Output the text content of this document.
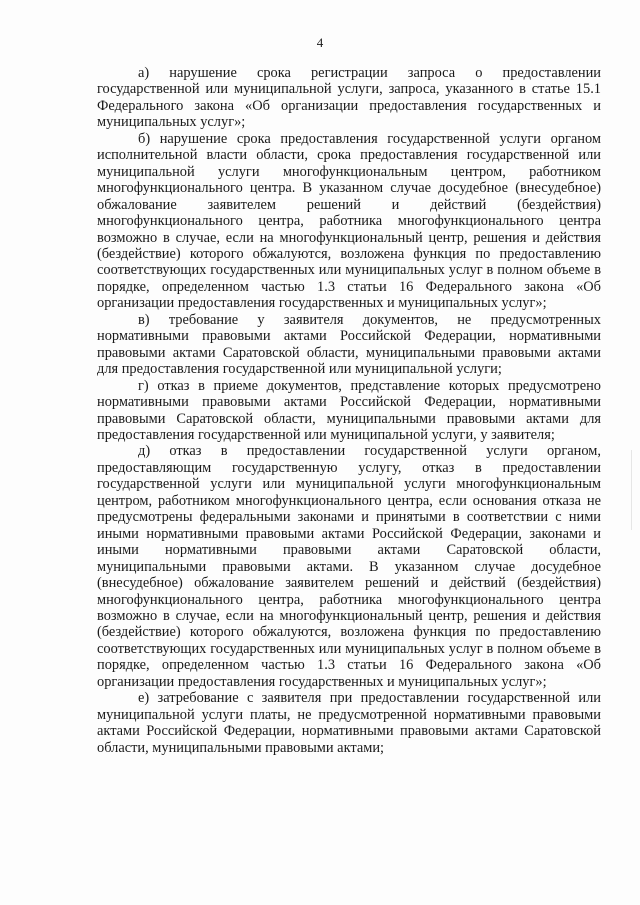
4

а) нарушение срока регистрации запроса о предоставлении государственной или муниципальной услуги, запроса, указанного в статье 15.1 Федерального закона «Об организации предоставления государственных и муниципальных услуг»;

б) нарушение срока предоставления государственной услуги органом исполнительной власти области, срока предоставления государственной или муниципальной услуги многофункциональным центром, работником многофункционального центра. В указанном случае досудебное (внесудебное) обжалование заявителем решений и действий (бездействия) многофункционального центра, работника многофункционального центра возможно в случае, если на многофункциональный центр, решения и действия (бездействие) которого обжалуются, возложена функция по предоставлению соответствующих государственных или муниципальных услуг в полном объеме в порядке, определенном частью 1.3 статьи 16 Федерального закона «Об организации предоставления государственных и муниципальных услуг»;

в) требование у заявителя документов, не предусмотренных нормативными правовыми актами Российской Федерации, нормативными правовыми актами Саратовской области, муниципальными правовыми актами для предоставления государственной или муниципальной услуги;

г) отказ в приеме документов, представление которых предусмотрено нормативными правовыми актами Российской Федерации, нормативными правовыми Саратовской области, муниципальными правовыми актами для предоставления государственной или муниципальной услуги, у заявителя;

д) отказ в предоставлении государственной услуги органом, предоставляющим государственную услугу, отказ в предоставлении государственной услуги или муниципальной услуги многофункциональным центром, работником многофункционального центра, если основания отказа не предусмотрены федеральными законами и принятыми в соответствии с ними иными нормативными правовыми актами Российской Федерации, законами и иными нормативными правовыми актами Саратовской области, муниципальными правовыми актами. В указанном случае досудебное (внесудебное) обжалование заявителем решений и действий (бездействия) многофункционального центра, работника многофункционального центра возможно в случае, если на многофункциональный центр, решения и действия (бездействие) которого обжалуются, возложена функция по предоставлению соответствующих государственных или муниципальных услуг в полном объеме в порядке, определенном частью 1.3 статьи 16 Федерального закона «Об организации предоставления государственных и муниципальных услуг»;

е) затребование с заявителя при предоставлении государственной или муниципальной услуги платы, не предусмотренной нормативными правовыми актами Российской Федерации, нормативными правовыми актами Саратовской области, муниципальными правовыми актами;
